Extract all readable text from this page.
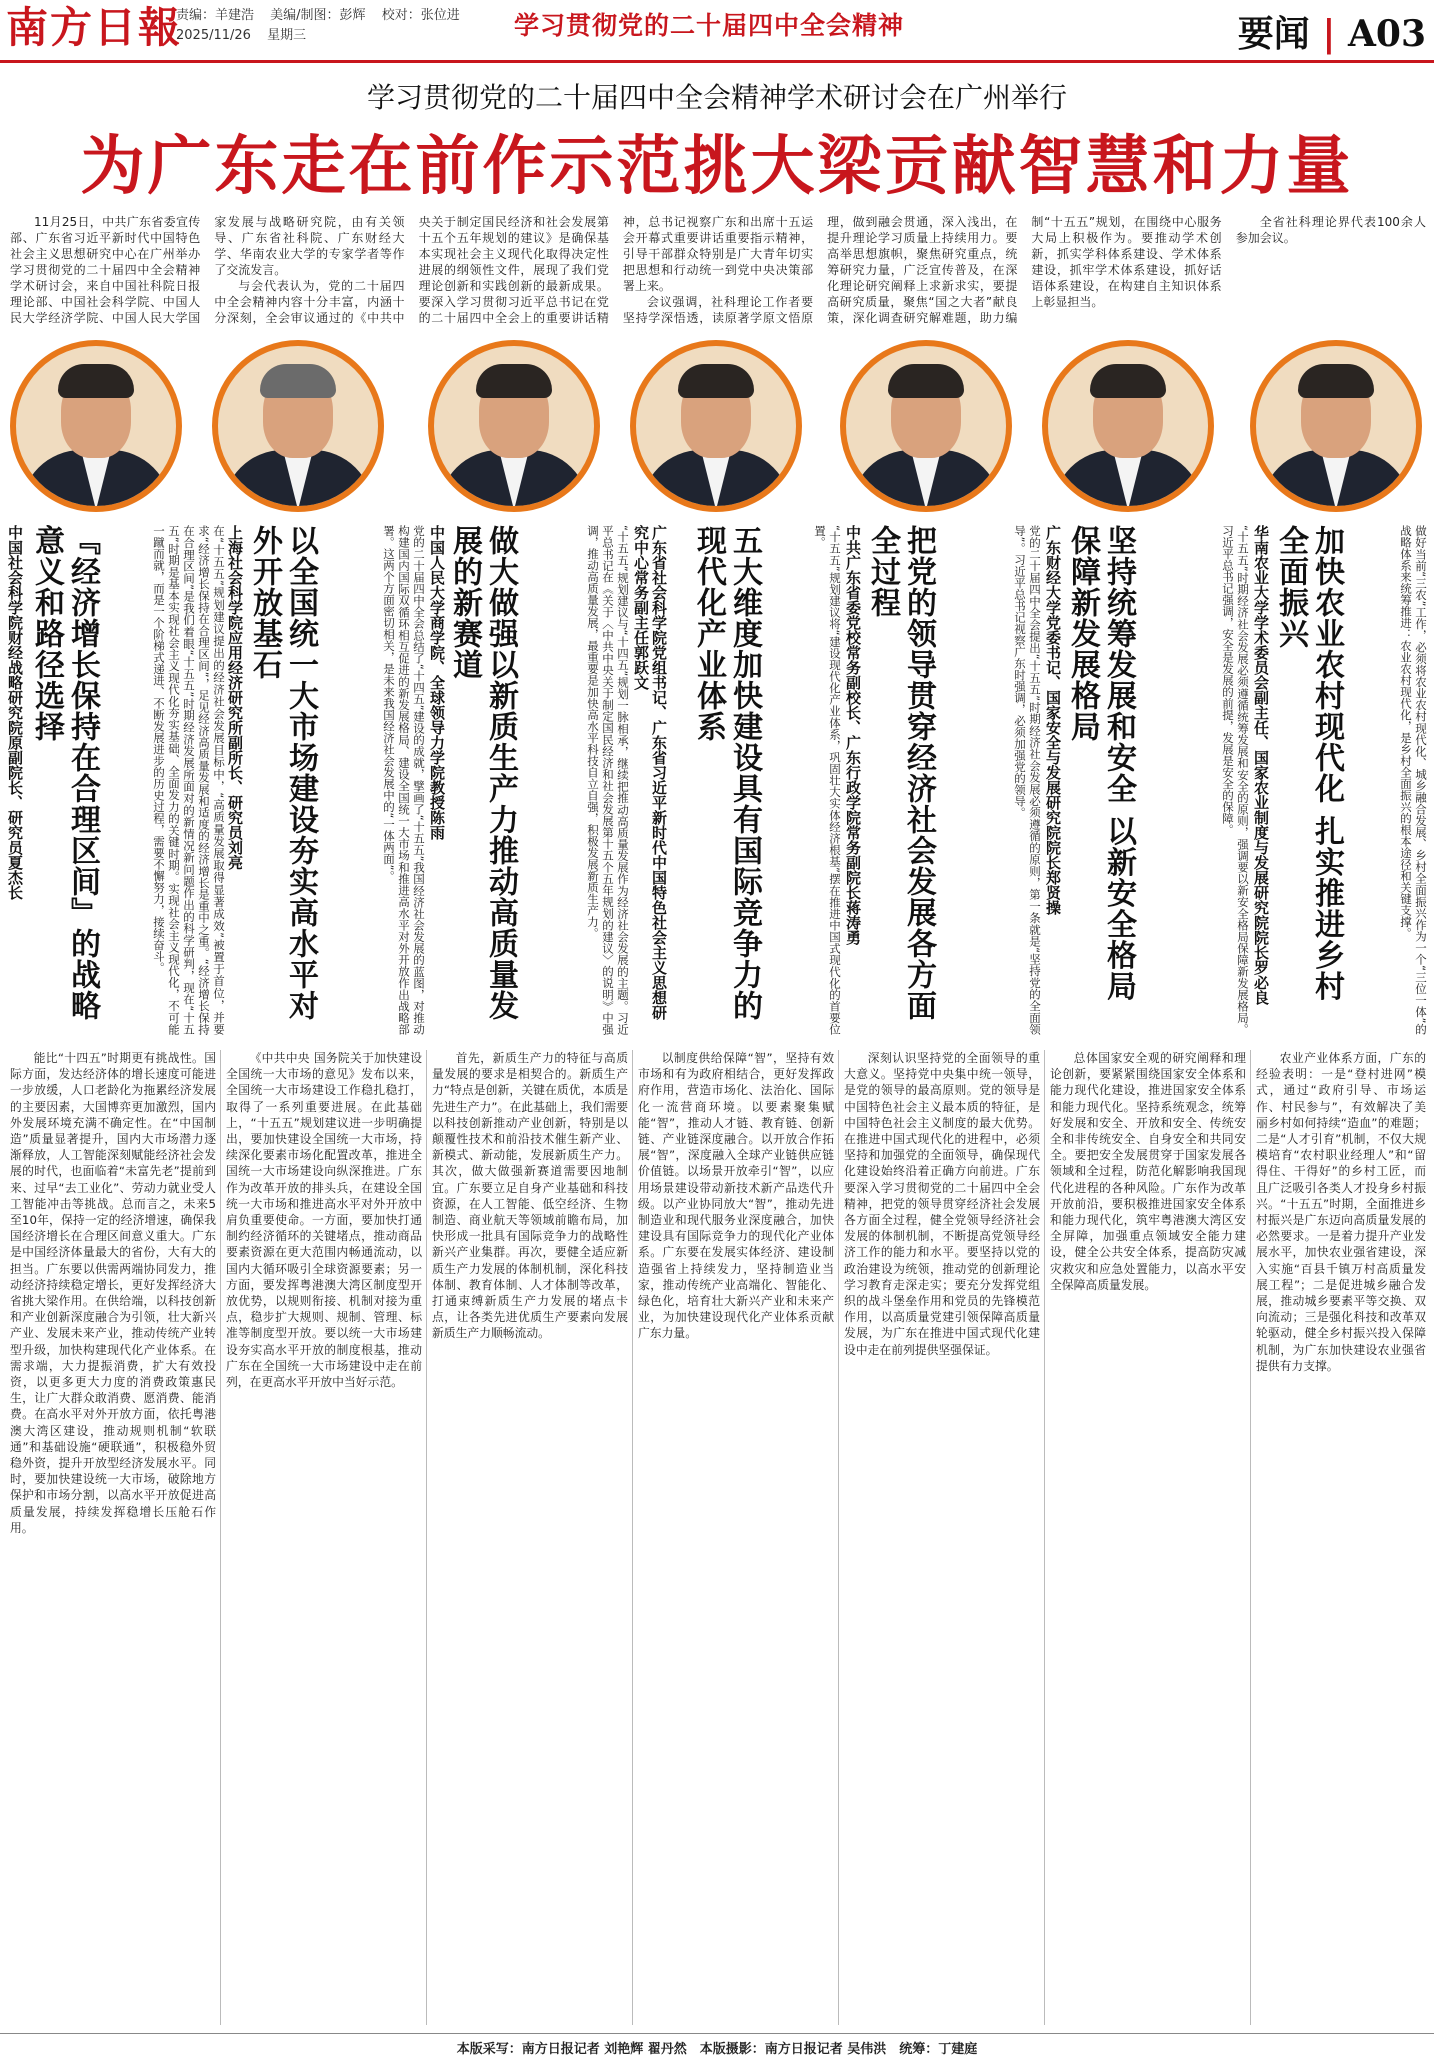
南方日報
责编：羊建浩 美编/制图：彭辉 校对：张位进
2025/11/26 星期三	学习贯彻党的二十届四中全会精神	要闻 | A03
学习贯彻党的二十届四中全会精神学术研讨会在广州举行
为广东走在前作示范挑大梁贡献智慧和力量

11月25日，中共广东省委宣传部、广东省习近平新时代中国特色社会主义思想研究中心在广州举办学习贯彻党的二十届四中全会精神学术研讨会，来自中国社科院日报理论部、中国社会科学院、中国人民大学经济学院、中国人民大学国家发展与战略研究院，由有关领导、广东省社科院、广东财经大学、华南农业大学的专家学者等作了交流发言。

与会代表认为，党的二十届四中全会精神内容十分丰富，内涵十分深刻，全会审议通过的《中共中央关于制定国民经济和社会发展第十五个五年规划的建议》是确保基本实现社会主义现代化取得决定性进展的纲领性文件，展现了我们党理论创新和实践创新的最新成果。要深入学习贯彻习近平总书记在党的二十届四中全会上的重要讲话精神，总书记视察广东和出席十五运会开幕式重要讲话重要指示精神，引导干部群众特别是广大青年切实把思想和行动统一到党中央决策部署上来。

会议强调，社科理论工作者要坚持学深悟透，读原著学原文悟原理，做到融会贯通，深入浅出，在提升理论学习质量上持续用力。要高举思想旗帜，聚焦研究重点，统筹研究力量，广泛宣传普及，在深化理论研究阐释上求新求实，要提高研究质量，聚焦“国之大者”献良策，深化调查研究解难题，助力编制“十五五”规划，在围绕中心服务大局上积极作为。要推动学术创新，抓实学科体系建设、学术体系建设，抓牢学术体系建设，抓好话语体系建设，在构建自主知识体系上彰显担当。

全省社科理论界代表100余人参加会议。

中国社会科学院财经战略研究院原副院长、研究员夏杰长	『经济增长保持在合理区间』的战略意义和路径选择	在“十五五”规划建议提出的经济社会发展目标中，“高质量发展取得显著成效”被置于首位，并要求“经济增长保持在合理区间”，足见经济高质量发展和适度的经济增长是重中之重。“经济增长保持在合理区间”是我们着眼“十五五”时期经济发展所面对的新情况新问题作出的科学研判，现在“十五五”时期是基本实现社会主义现代化夯实基础、全面发力的关键时期。实现社会主义现代化，不可能一蹴而就，而是一个阶梯式递进、不断发展进步的历史过程，需要不懈努力，接续奋斗。	上海社会科学院应用经济研究所副所长、研究员刘亮	以全国统一大市场建设夯实高水平对外开放基石	党的二十届四中全会总结了“十四五”建设的成就，擘画了“十五五”我国经济社会发展的蓝图，对推动构建国内国际双循环相互促进的新发展格局、建设全国统一大市场和推进高水平对外开放作出战略部署。这两个方面密切相关，是未来我国经济社会发展中的“一体两面”。	中国人民大学商学院、全球领导力学院教授陈雨	做大做强以新质生产力推动高质量发展的新赛道	“十五五”规划建议与“十四五”规划一脉相承，继续把推动高质量发展作为经济社会发展的主题。习近平总书记在《关于〈中共中央关于制定国民经济和社会发展第十五个五年规划的建议〉的说明》中强调，推动高质量发展，最重要是加快高水平科技自立自强，积极发展新质生产力。	广东省社会科学院党组书记、广东省习近平新时代中国特色社会主义思想研究中心常务副主任郭跃文	五大维度加快建设具有国际竞争力的现代化产业体系	“十五五”规划建议将“建设现代化产业体系，巩固壮大实体经济根基”摆在推进中国式现代化的首要位置。	中共广东省委党校常务副校长、广东行政学院常务副院长蒋涛勇	把党的领导贯穿经济社会发展各方面全过程	党的二十届四中全会提出“十五五”时期经济社会发展必须遵循的原则，第一条就是“坚持党的全面领导”。习近平总书记视察广东时强调，必须加强党的领导。	广东财经大学党委书记、国家安全与发展研究院院长郑贤操	坚持统筹发展和安全 以新安全格局保障新发展格局	“十五五”时期经济社会发展必须遵循统筹发展和安全的原则，强调要以新安全格局保障新发展格局。习近平总书记强调，安全是发展的前提，发展是安全的保障。	华南农业大学学术委员会副主任、国家农业制度与发展研究院院长罗必良	加快农业农村现代化 扎实推进乡村全面振兴	做好当前“三农”工作，必须将农业农村现代化、城乡融合发展、乡村全面振兴作为一个“三位一体”的战略体系来统筹推进：农业农村现代化，是乡村全面振兴的根本途径和关键支撑。

能比“十四五”时期更有挑战性。国际方面，发达经济体的增长速度可能进一步放缓，人口老龄化为拖累经济发展的主要因素，大国博弈更加激烈，国内外发展环境充满不确定性。在“中国制造”质量显著提升，国内大市场潜力逐渐释放，人工智能深刻赋能经济社会发展的时代，也面临着“未富先老”提前到来、过早“去工业化”、劳动力就业受人工智能冲击等挑战。总而言之，未来5至10年，保持一定的经济增速，确保我国经济增长在合理区间意义重大。广东是中国经济体量最大的省份，大有大的担当。广东要以供需两端协同发力，推动经济持续稳定增长，更好发挥经济大省挑大梁作用。在供给端，以科技创新和产业创新深度融合为引领，壮大新兴产业、发展未来产业，推动传统产业转型升级，加快构建现代化产业体系。在需求端，大力提振消费，扩大有效投资，以更多更大力度的消费政策惠民生，让广大群众敢消费、愿消费、能消费。在高水平对外开放方面，依托粤港澳大湾区建设，推动规则机制“软联通”和基础设施“硬联通”，积极稳外贸稳外资，提升开放型经济发展水平。同时，要加快建设统一大市场，破除地方保护和市场分割，以高水平开放促进高质量发展，持续发挥稳增长压舱石作用。

《中共中央 国务院关于加快建设全国统一大市场的意见》发布以来，全国统一大市场建设工作稳扎稳打，取得了一系列重要进展。在此基础上，“十五五”规划建议进一步明确提出，要加快建设全国统一大市场，持续深化要素市场化配置改革，推进全国统一大市场建设向纵深推进。广东作为改革开放的排头兵，在建设全国统一大市场和推进高水平对外开放中肩负重要使命。一方面，要加快打通制约经济循环的关键堵点，推动商品要素资源在更大范围内畅通流动，以国内大循环吸引全球资源要素；另一方面，要发挥粤港澳大湾区制度型开放优势，以规则衔接、机制对接为重点，稳步扩大规则、规制、管理、标准等制度型开放。要以统一大市场建设夯实高水平开放的制度根基，推动广东在全国统一大市场建设中走在前列，在更高水平开放中当好示范。

首先，新质生产力的特征与高质量发展的要求是相契合的。新质生产力“特点是创新，关键在质优，本质是先进生产力”。在此基础上，我们需要以科技创新推动产业创新，特别是以颠覆性技术和前沿技术催生新产业、新模式、新动能，发展新质生产力。其次，做大做强新赛道需要因地制宜。广东要立足自身产业基础和科技资源，在人工智能、低空经济、生物制造、商业航天等领域前瞻布局，加快形成一批具有国际竞争力的战略性新兴产业集群。再次，要健全适应新质生产力发展的体制机制，深化科技体制、教育体制、人才体制等改革，打通束缚新质生产力发展的堵点卡点，让各类先进优质生产要素向发展新质生产力顺畅流动。

以制度供给保障“智”，坚持有效市场和有为政府相结合，更好发挥政府作用，营造市场化、法治化、国际化一流营商环境。以要素聚集赋能“智”，推动人才链、教育链、创新链、产业链深度融合。以开放合作拓展“智”，深度融入全球产业链供应链价值链。以场景开放牵引“智”，以应用场景建设带动新技术新产品迭代升级。以产业协同放大“智”，推动先进制造业和现代服务业深度融合，加快建设具有国际竞争力的现代化产业体系。广东要在发展实体经济、建设制造强省上持续发力，坚持制造业当家，推动传统产业高端化、智能化、绿色化，培育壮大新兴产业和未来产业，为加快建设现代化产业体系贡献广东力量。

深刻认识坚持党的全面领导的重大意义。坚持党中央集中统一领导，是党的领导的最高原则。党的领导是中国特色社会主义最本质的特征，是中国特色社会主义制度的最大优势。在推进中国式现代化的进程中，必须坚持和加强党的全面领导，确保现代化建设始终沿着正确方向前进。广东要深入学习贯彻党的二十届四中全会精神，把党的领导贯穿经济社会发展各方面全过程，健全党领导经济社会发展的体制机制，不断提高党领导经济工作的能力和水平。要坚持以党的政治建设为统领，推动党的创新理论学习教育走深走实；要充分发挥党组织的战斗堡垒作用和党员的先锋模范作用，以高质量党建引领保障高质量发展，为广东在推进中国式现代化建设中走在前列提供坚强保证。

总体国家安全观的研究阐释和理论创新，要紧紧围绕国家安全体系和能力现代化建设，推进国家安全体系和能力现代化。坚持系统观念，统筹好发展和安全、开放和安全、传统安全和非传统安全、自身安全和共同安全。要把安全发展贯穿于国家发展各领域和全过程，防范化解影响我国现代化进程的各种风险。广东作为改革开放前沿，要积极推进国家安全体系和能力现代化，筑牢粤港澳大湾区安全屏障，加强重点领域安全能力建设，健全公共安全体系，提高防灾减灾救灾和应急处置能力，以高水平安全保障高质量发展。

农业产业体系方面，广东的经验表明：一是“登村进网”模式，通过“政府引导、市场运作、村民参与”，有效解决了美丽乡村如何持续“造血”的难题；二是“人才引育”机制，不仅大规模培育“农村职业经理人”和“留得住、干得好”的乡村工匠，而且广泛吸引各类人才投身乡村振兴。“十五五”时期，全面推进乡村振兴是广东迈向高质量发展的必然要求。一是着力提升产业发展水平，加快农业强省建设，深入实施“百县千镇万村高质量发展工程”；二是促进城乡融合发展，推动城乡要素平等交换、双向流动；三是强化科技和改革双轮驱动，健全乡村振兴投入保障机制，为广东加快建设农业强省提供有力支撑。

本版采写：南方日报记者 刘艳辉 翟丹然　本版摄影：南方日报记者 吴伟洪　统筹：丁建庭
